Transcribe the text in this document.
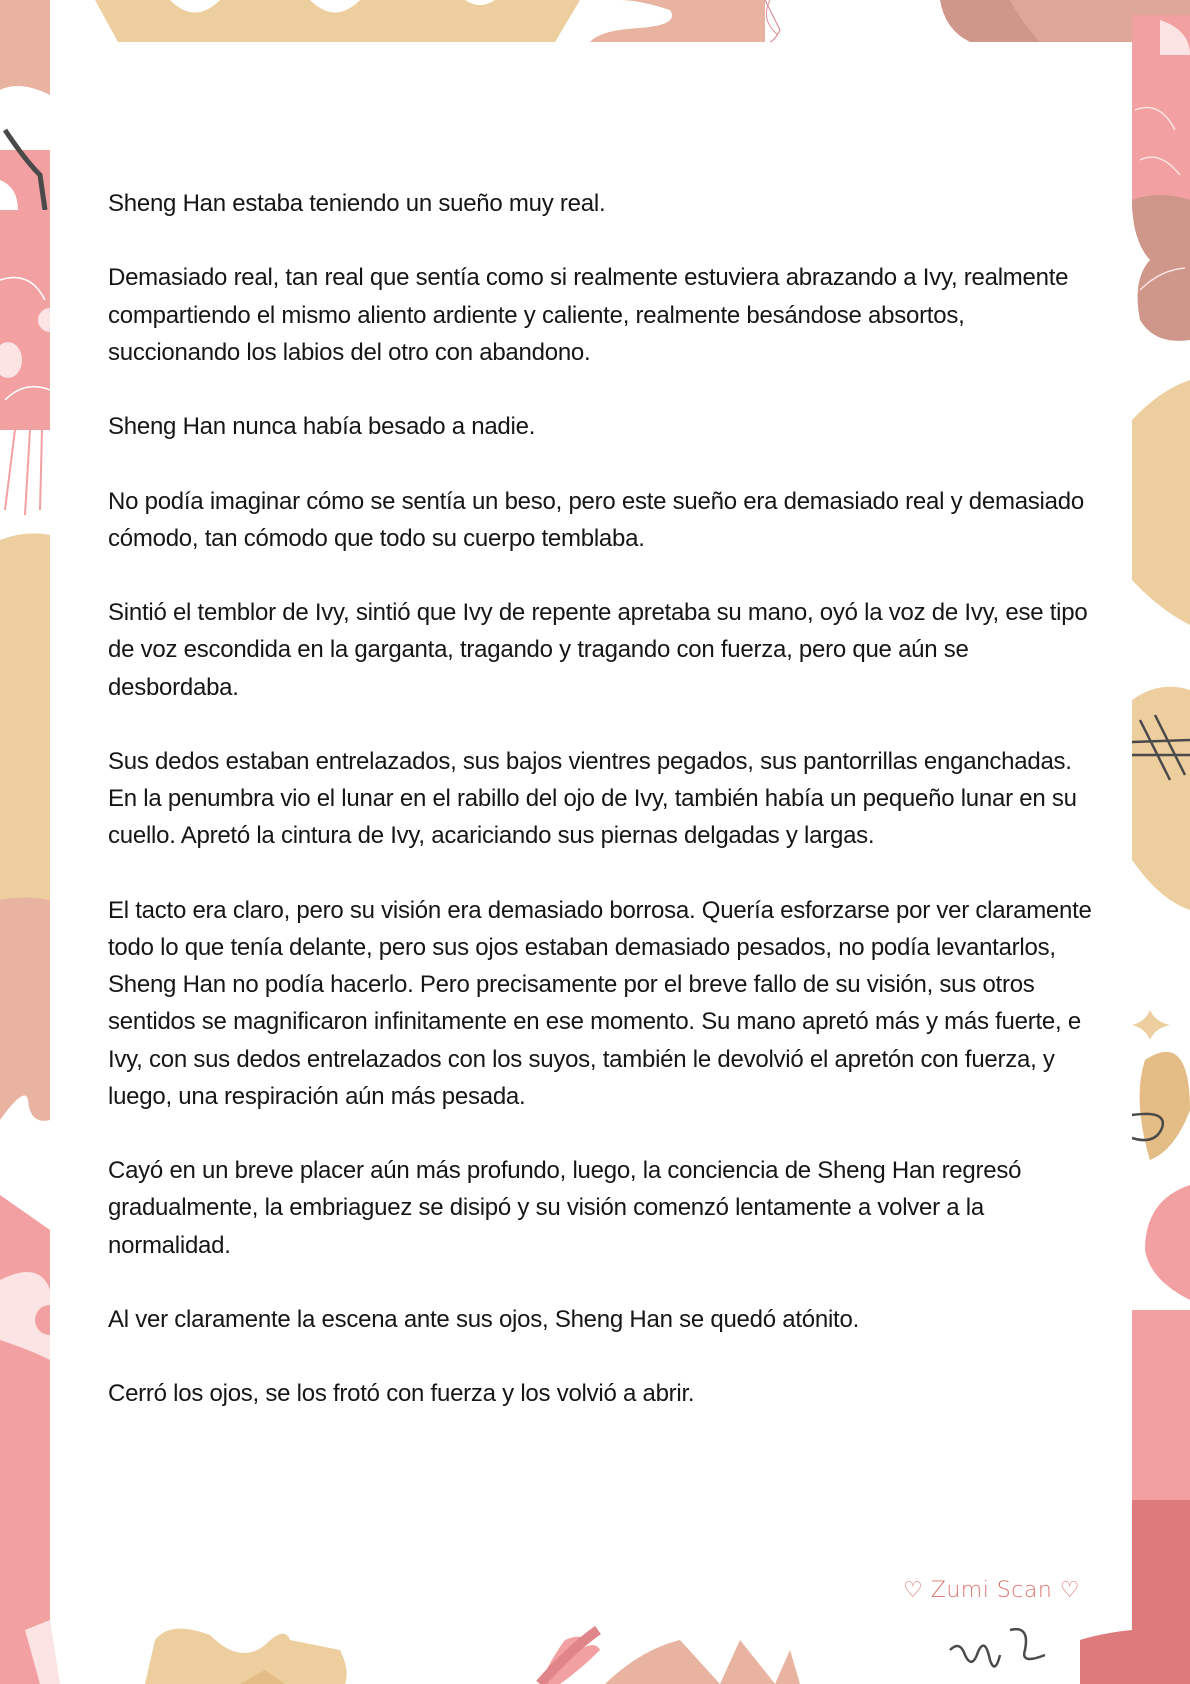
Sheng Han estaba teniendo un sueño muy real.

Demasiado real, tan real que sentía como si realmente estuviera abrazando a Ivy, realmente compartiendo el mismo aliento ardiente y caliente, realmente besándose absortos, succionando los labios del otro con abandono.

Sheng Han nunca había besado a nadie.

No podía imaginar cómo se sentía un beso, pero este sueño era demasiado real y demasiado cómodo, tan cómodo que todo su cuerpo temblaba.

Sintió el temblor de Ivy, sintió que Ivy de repente apretaba su mano, oyó la voz de Ivy, ese tipo de voz escondida en la garganta, tragando y tragando con fuerza, pero que aún se desbordaba.

Sus dedos estaban entrelazados, sus bajos vientres pegados, sus pantorrillas enganchadas. En la penumbra vio el lunar en el rabillo del ojo de Ivy, también había un pequeño lunar en su cuello. Apretó la cintura de Ivy, acariciando sus piernas delgadas y largas.

El tacto era claro, pero su visión era demasiado borrosa. Quería esforzarse por ver claramente todo lo que tenía delante, pero sus ojos estaban demasiado pesados, no podía levantarlos, Sheng Han no podía hacerlo. Pero precisamente por el breve fallo de su visión, sus otros sentidos se magnificaron infinitamente en ese momento. Su mano apretó más y más fuerte, e Ivy, con sus dedos entrelazados con los suyos, también le devolvió el apretón con fuerza, y luego, una respiración aún más pesada.

Cayó en un breve placer aún más profundo, luego, la conciencia de Sheng Han regresó gradualmente, la embriaguez se disipó y su visión comenzó lentamente a volver a la normalidad.

Al ver claramente la escena ante sus ojos, Sheng Han se quedó atónito.

Cerró los ojos, se los frotó con fuerza y los volvió a abrir.

♡ Zumi Scan ♡
